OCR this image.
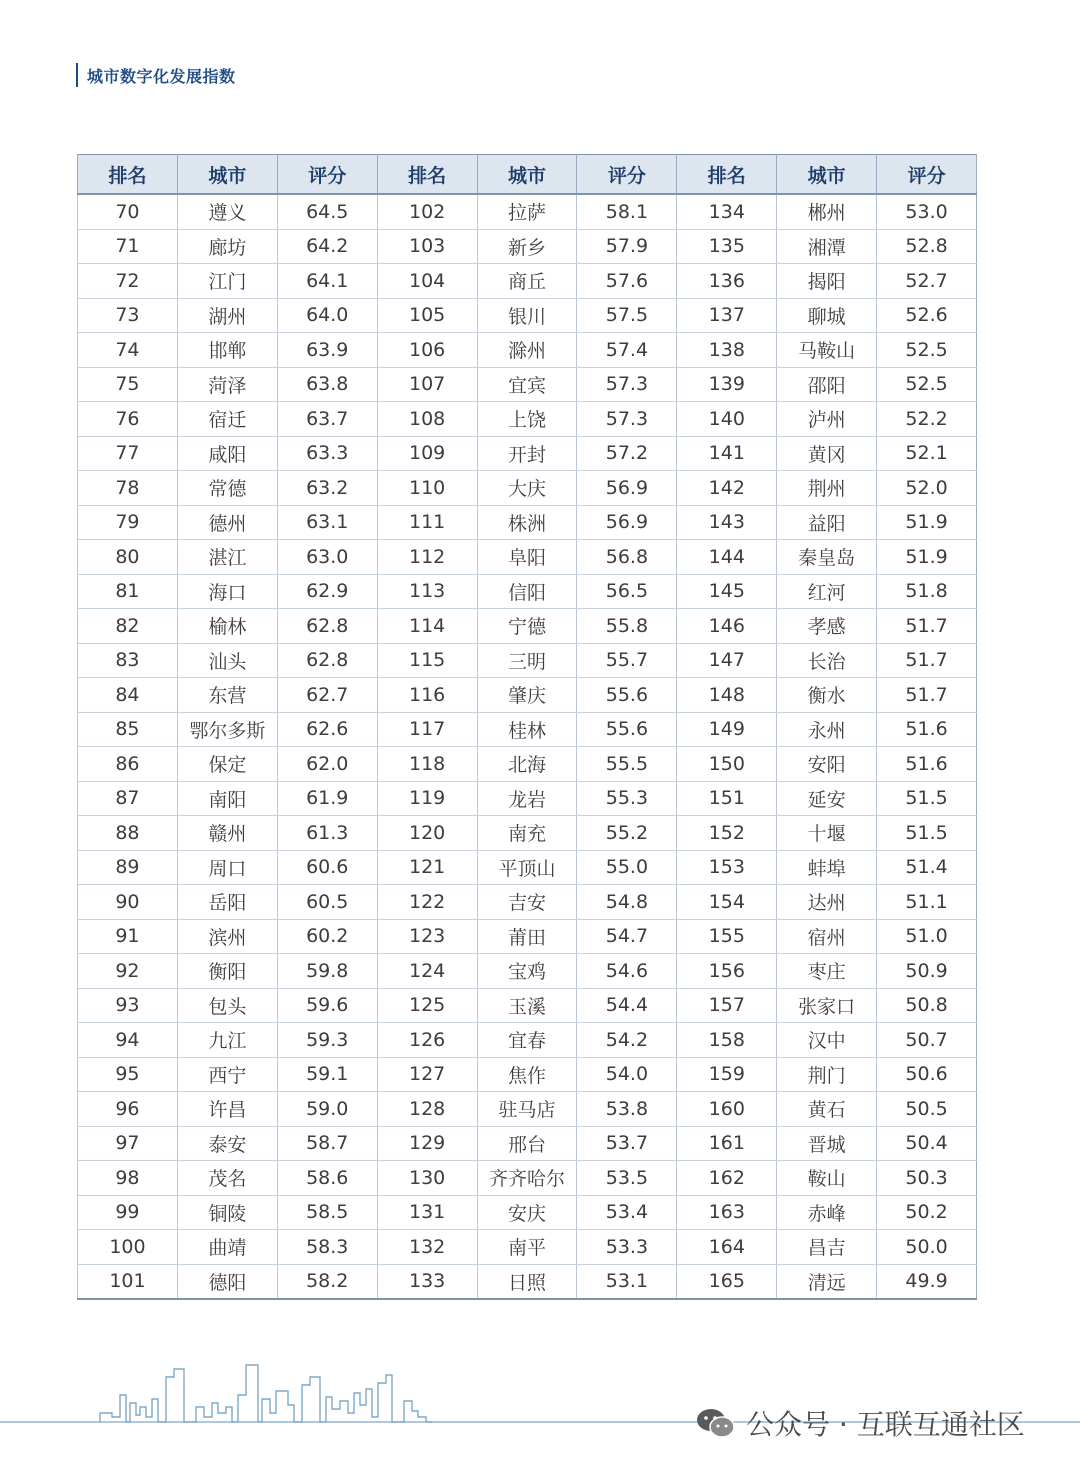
城市数字化发展指数
排名	城市	评分	排名	城市	评分	排名	城市	评分
70	遵义	64.5	102	拉萨	58.1	134	郴州	53.0
71	廊坊	64.2	103	新乡	57.9	135	湘潭	52.8
72	江门	64.1	104	商丘	57.6	136	揭阳	52.7
73	湖州	64.0	105	银川	57.5	137	聊城	52.6
74	邯郸	63.9	106	滁州	57.4	138	马鞍山	52.5
75	菏泽	63.8	107	宜宾	57.3	139	邵阳	52.5
76	宿迁	63.7	108	上饶	57.3	140	泸州	52.2
77	咸阳	63.3	109	开封	57.2	141	黄冈	52.1
78	常德	63.2	110	大庆	56.9	142	荆州	52.0
79	德州	63.1	111	株洲	56.9	143	益阳	51.9
80	湛江	63.0	112	阜阳	56.8	144	秦皇岛	51.9
81	海口	62.9	113	信阳	56.5	145	红河	51.8
82	榆林	62.8	114	宁德	55.8	146	孝感	51.7
83	汕头	62.8	115	三明	55.7	147	长治	51.7
84	东营	62.7	116	肇庆	55.6	148	衡水	51.7
85	鄂尔多斯	62.6	117	桂林	55.6	149	永州	51.6
86	保定	62.0	118	北海	55.5	150	安阳	51.6
87	南阳	61.9	119	龙岩	55.3	151	延安	51.5
88	赣州	61.3	120	南充	55.2	152	十堰	51.5
89	周口	60.6	121	平顶山	55.0	153	蚌埠	51.4
90	岳阳	60.5	122	吉安	54.8	154	达州	51.1
91	滨州	60.2	123	莆田	54.7	155	宿州	51.0
92	衡阳	59.8	124	宝鸡	54.6	156	枣庄	50.9
93	包头	59.6	125	玉溪	54.4	157	张家口	50.8
94	九江	59.3	126	宜春	54.2	158	汉中	50.7
95	西宁	59.1	127	焦作	54.0	159	荆门	50.6
96	许昌	59.0	128	驻马店	53.8	160	黄石	50.5
97	泰安	58.7	129	邢台	53.7	161	晋城	50.4
98	茂名	58.6	130	齐齐哈尔	53.5	162	鞍山	50.3
99	铜陵	58.5	131	安庆	53.4	163	赤峰	50.2
100	曲靖	58.3	132	南平	53.3	164	昌吉	50.0
101	德阳	58.2	133	日照	53.1	165	清远	49.9
公众号 · 互联互通社区
